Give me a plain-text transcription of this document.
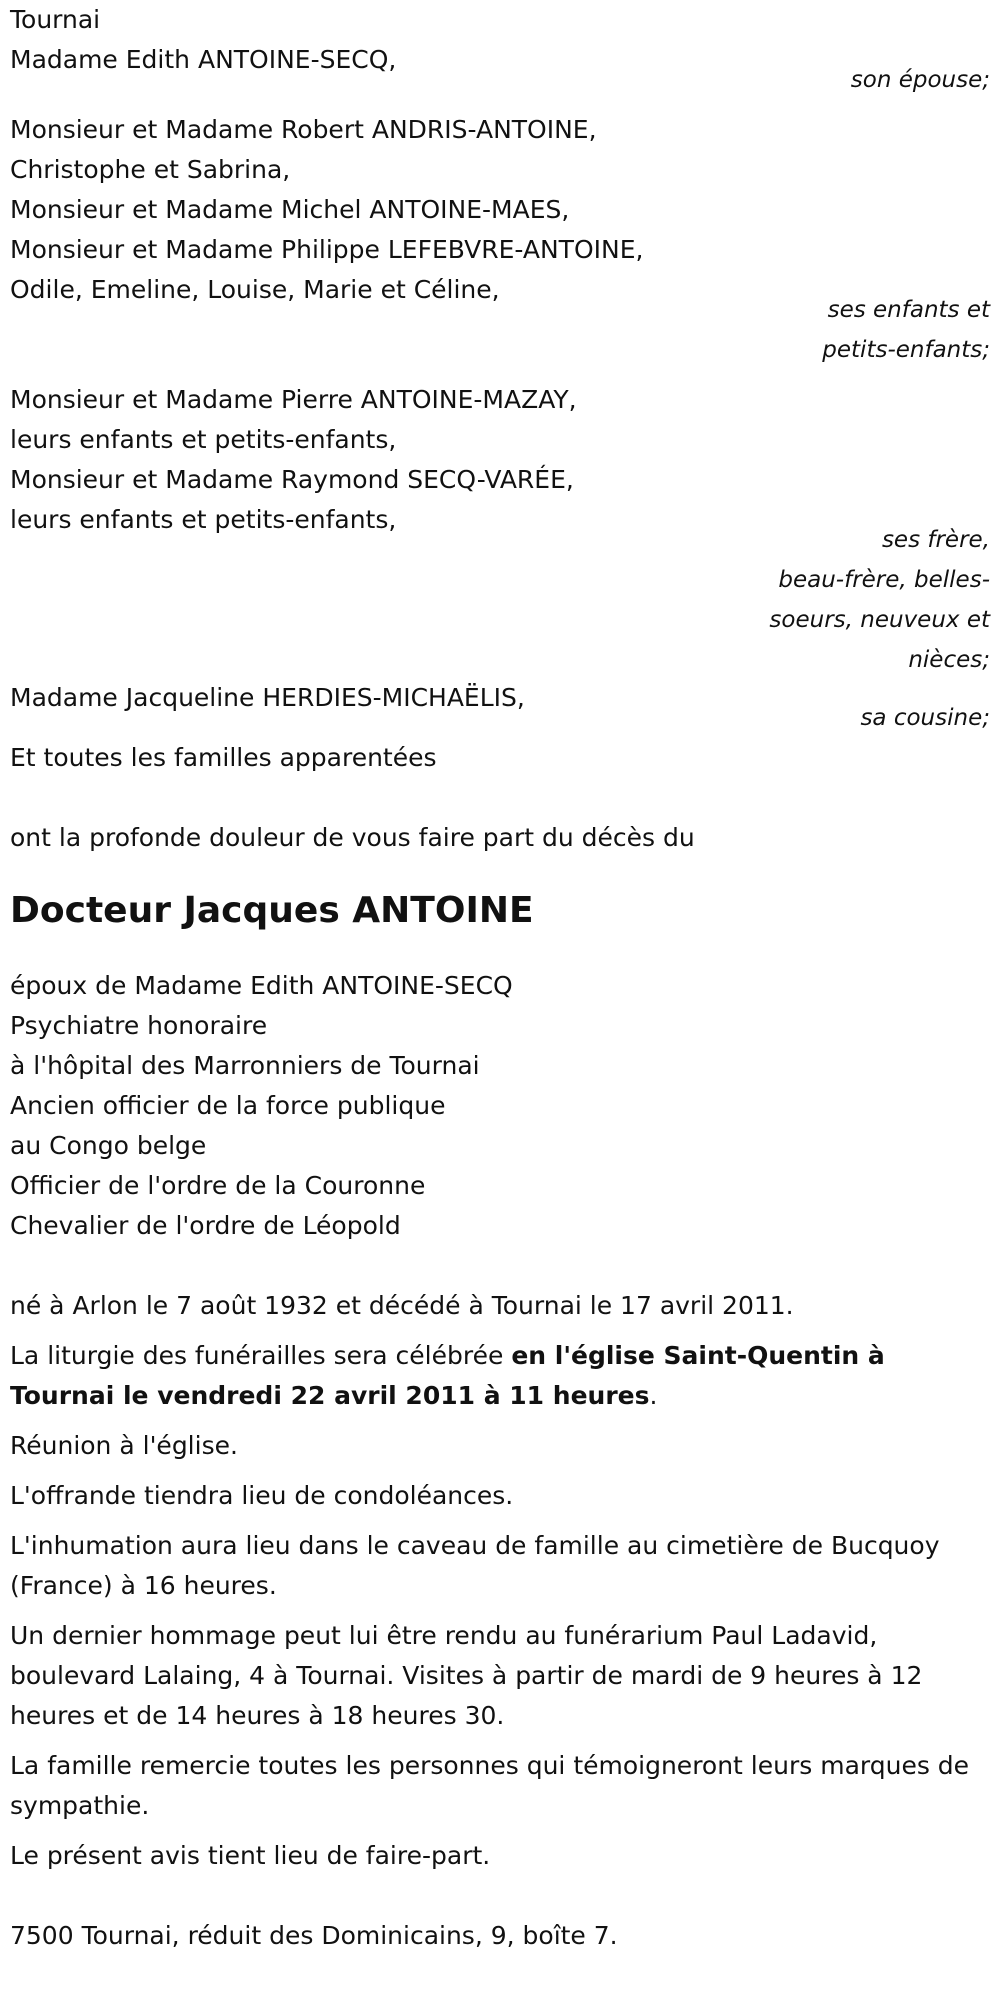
Tournai
Madame Edith ANTOINE-SECQ,
son épouse;
Monsieur et Madame Robert ANDRIS-ANTOINE,
Christophe et Sabrina,
Monsieur et Madame Michel ANTOINE-MAES,
Monsieur et Madame Philippe LEFEBVRE-ANTOINE,
Odile, Emeline, Louise, Marie et Céline,
ses enfants et
petits-enfants;
Monsieur et Madame Pierre ANTOINE-MAZAY,
leurs enfants et petits-enfants,
Monsieur et Madame Raymond SECQ-VARÉE,
leurs enfants et petits-enfants,
ses frère,
beau-frère, belles-
soeurs, neuveux et
nièces;
Madame Jacqueline HERDIES-MICHAËLIS,
sa cousine;
Et toutes les familles apparentées
ont la profonde douleur de vous faire part du décès du
Docteur Jacques ANTOINE
époux de Madame Edith ANTOINE-SECQ
Psychiatre honoraire
à l'hôpital des Marronniers de Tournai
Ancien officier de la force publique
au Congo belge
Officier de l'ordre de la Couronne
Chevalier de l'ordre de Léopold
né à Arlon le 7 août 1932 et décédé à Tournai le 17 avril 2011.
La liturgie des funérailles sera célébrée en l'église Saint-Quentin à Tournai le vendredi 22 avril 2011 à 11 heures.
Réunion à l'église.
L'offrande tiendra lieu de condoléances.
L'inhumation aura lieu dans le caveau de famille au cimetière de Bucquoy (France) à 16 heures.
Un dernier hommage peut lui être rendu au funérarium Paul Ladavid, boulevard Lalaing, 4 à Tournai. Visites à partir de mardi de 9 heures à 12 heures et de 14 heures à 18 heures 30.
La famille remercie toutes les personnes qui témoigneront leurs marques de sympathie.
Le présent avis tient lieu de faire-part.
7500 Tournai, réduit des Dominicains, 9, boîte 7.
